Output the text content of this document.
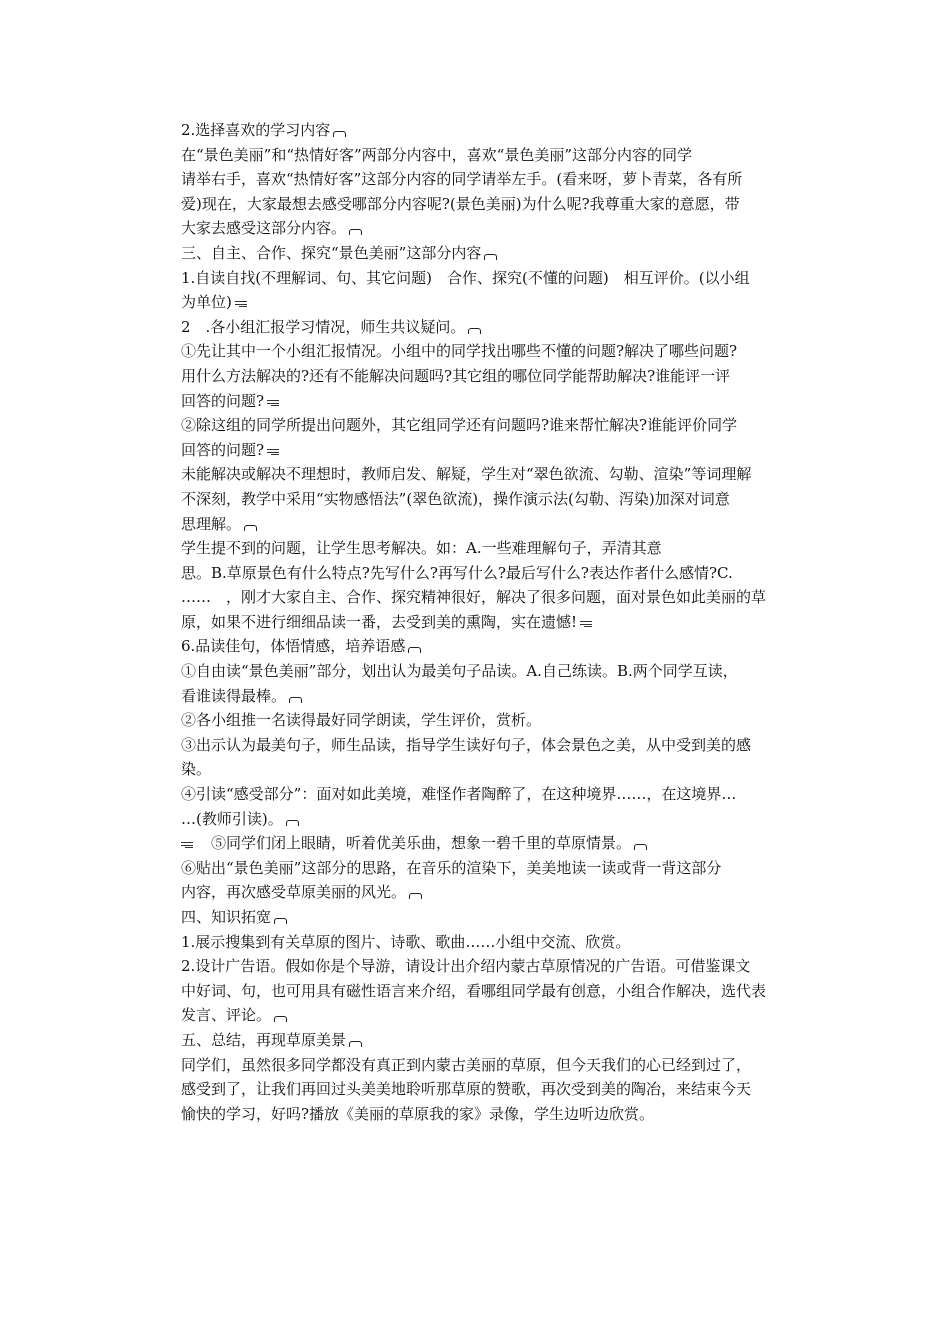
2.选择喜欢的学习内容
在“景色美丽”和“热情好客”两部分内容中，喜欢“景色美丽”这部分内容的同学
请举右手，喜欢“热情好客”这部分内容的同学请举左手。(看来呀，萝卜青菜，各有所
爱)现在，大家最想去感受哪部分内容呢?(景色美丽)为什么呢?我尊重大家的意愿，带
大家去感受这部分内容。
三、自主、合作、探究“景色美丽”这部分内容
1.自读自找(不理解词、句、其它问题)　合作、探究(不懂的问题)　相互评价。(以小组
为单位)
2　.各小组汇报学习情况，师生共议疑问。
①先让其中一个小组汇报情况。小组中的同学找出哪些不懂的问题?解决了哪些问题?
用什么方法解决的?还有不能解决问题吗?其它组的哪位同学能帮助解决?谁能评一评
回答的问题?
②除这组的同学所提出问题外，其它组同学还有问题吗?谁来帮忙解决?谁能评价同学
回答的问题?
未能解决或解决不理想时，教师启发、解疑，学生对“翠色欲流、勾勒、渲染”等词理解
不深刻，教学中采用“实物感悟法”(翠色欲流)，操作演示法(勾勒、泻染)加深对词意
思理解。
学生提不到的问题，让学生思考解决。如：A.一些难理解句子，弄清其意
思。B.草原景色有什么特点?先写什么?再写什么?最后写什么?表达作者什么感情?C.
……　，刚才大家自主、合作、探究精神很好，解决了很多问题，面对景色如此美丽的草
原，如果不进行细细品读一番，去受到美的熏陶，实在遗憾!
6.品读佳句，体悟情感，培养语感
①自由读“景色美丽”部分，划出认为最美句子品读。A.自己练读。B.两个同学互读，
看谁读得最棒。
②各小组推一名读得最好同学朗读，学生评价，赏析。
③出示认为最美句子，师生品读，指导学生读好句子，体会景色之美，从中受到美的感
染。
④引读“感受部分”：面对如此美境，难怪作者陶醉了，在这种境界……，在这境界…
…(教师引读)。
⑤同学们闭上眼睛，听着优美乐曲，想象一碧千里的草原情景。
⑥贴出“景色美丽”这部分的思路，在音乐的渲染下，美美地读一读或背一背这部分
内容，再次感受草原美丽的风光。
四、知识拓宽
1.展示搜集到有关草原的图片、诗歌、歌曲……小组中交流、欣赏。
2.设计广告语。假如你是个导游，请设计出介绍内蒙古草原情况的广告语。可借鉴课文
中好词、句，也可用具有磁性语言来介绍，看哪组同学最有创意，小组合作解决，选代表
发言、评论。
五、总结，再现草原美景
同学们，虽然很多同学都没有真正到内蒙古美丽的草原，但今天我们的心已经到过了，
感受到了，让我们再回过头美美地聆听那草原的赞歌，再次受到美的陶冶，来结束今天
愉快的学习，好吗?播放《美丽的草原我的家》录像，学生边听边欣赏。
